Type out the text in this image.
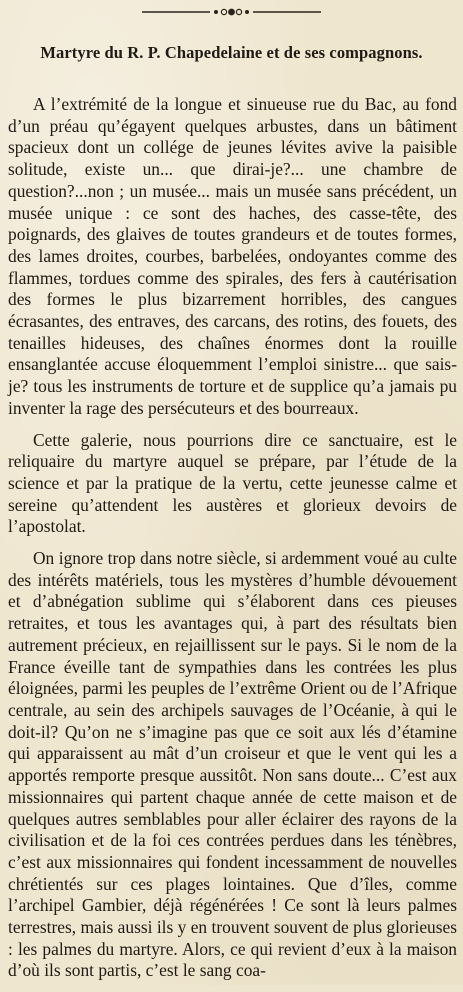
Martyre du R. P. Chapedelaine et de ses compagnons.

A l’extrémité de la longue et sinueuse rue du Bac, au fond d’un préau qu’égayent quelques arbustes, dans un bâtiment spacieux dont un collége de jeunes lévites avive la paisible solitude, existe un... que dirai-je?... une chambre de question?...non ; un musée... mais un musée sans précédent, un musée unique : ce sont des haches, des casse-tête, des poignards, des glaives de toutes grandeurs et de toutes formes, des lames droites, courbes, barbelées, ondoyantes comme des flammes, tordues comme des spirales, des fers à cautérisation des formes le plus bizarrement horribles, des cangues écrasantes, des entraves, des carcans, des rotins, des fouets, des tenailles hideuses, des chaînes énormes dont la rouille ensanglantée accuse éloquemment l’emploi sinistre... que sais-je? tous les instruments de torture et de supplice qu’a jamais pu inventer la rage des persécuteurs et des bourreaux.

Cette galerie, nous pourrions dire ce sanctuaire, est le reliquaire du martyre auquel se prépare, par l’étude de la science et par la pratique de la vertu, cette jeunesse calme et sereine qu’attendent les austères et glorieux devoirs de l’apostolat.

On ignore trop dans notre siècle, si ardemment voué au culte des intérêts matériels, tous les mystères d’humble dévouement et d’abnégation sublime qui s’élaborent dans ces pieuses retraites, et tous les avantages qui, à part des résultats bien autrement précieux, en rejaillissent sur le pays. Si le nom de la France éveille tant de sympathies dans les contrées les plus éloignées, parmi les peuples de l’extrême Orient ou de l’Afrique centrale, au sein des archipels sauvages de l’Océanie, à qui le doit-il? Qu’on ne s’imagine pas que ce soit aux lés d’étamine qui apparaissent au mât d’un croiseur et que le vent qui les a apportés remporte presque aussitôt. Non sans doute... C’est aux missionnaires qui partent chaque année de cette maison et de quelques autres semblables pour aller éclairer des rayons de la civilisation et de la foi ces contrées perdues dans les ténèbres, c’est aux missionnaires qui fondent incessamment de nouvelles chrétientés sur ces plages lointaines. Que d’îles, comme l’archipel Gambier, déjà régénérées ! Ce sont là leurs palmes terrestres, mais aussi ils y en trouvent souvent de plus glorieuses : les palmes du martyre. Alors, ce qui revient d’eux à la maison d’où ils sont partis, c’est le sang coa-
